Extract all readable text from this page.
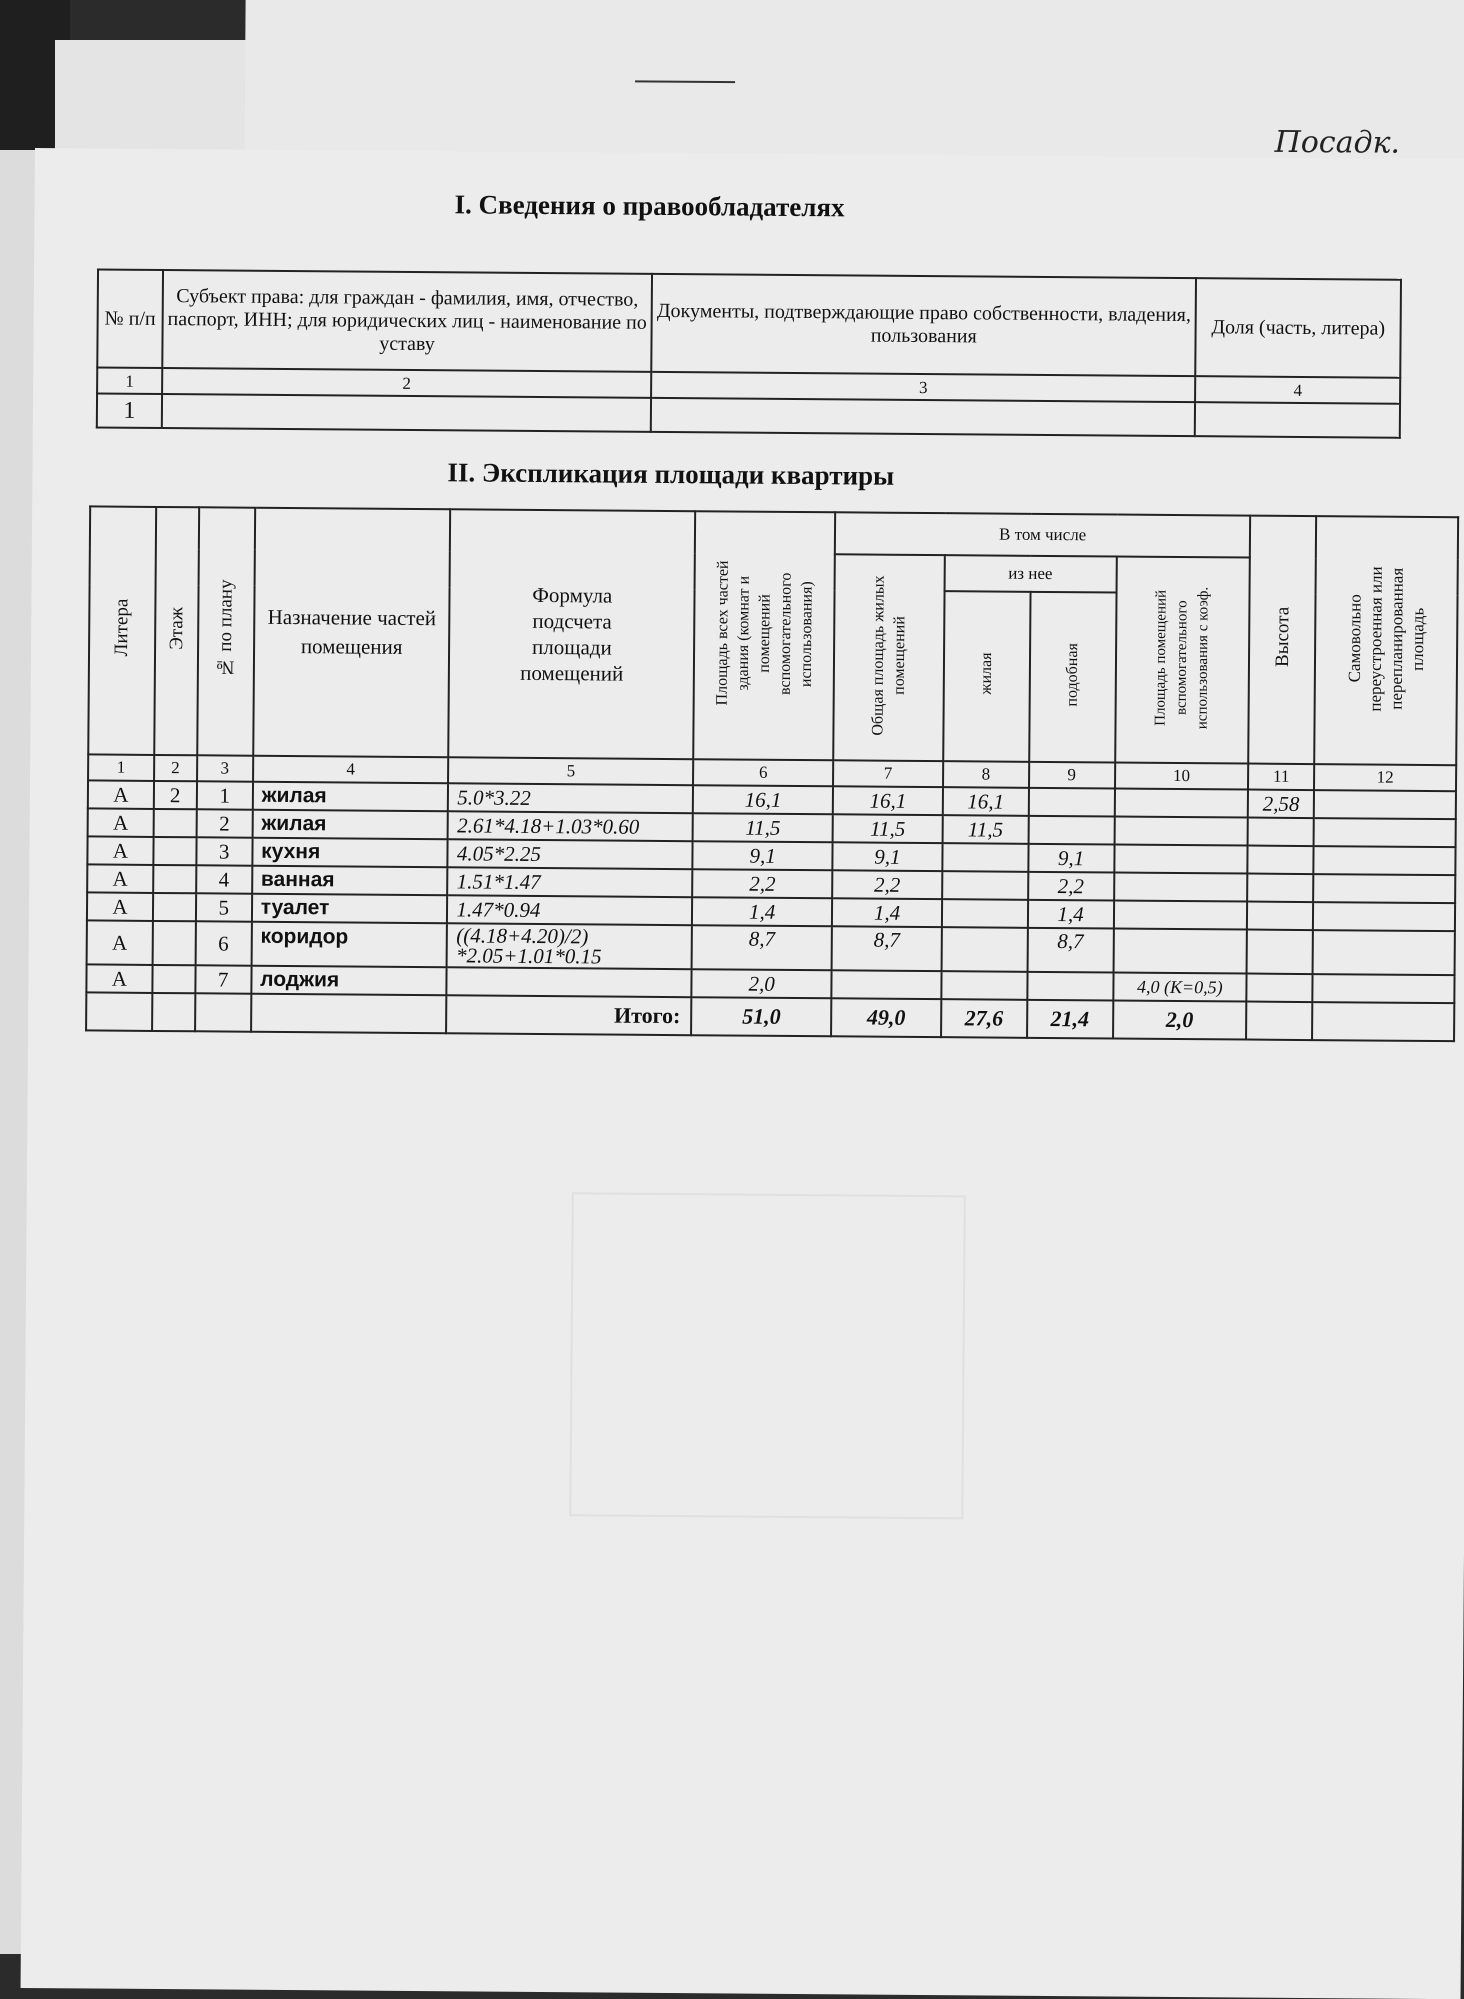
Посадк.
I. Сведения о правообладателях
№ п/п	Субъект права: для граждан - фамилия, имя, отчество, паспорт, ИНН; для юридических лиц - наименование по уставу	Документы, подтверждающие право собственности, владения, пользования	Доля (часть, литера)
1	2	3	4
1			
II. Экспликация площади квартиры
Литера	Этаж	№ по плану	Назначение частей помещения	Формула подсчета площади помещений	Площадь всех частей здания (комнат и помещений вспомогательного использования)	В том числе				Высота	Самовольно переустроенная или перепланированная площадь
						Общая площадь жилых помещений	из нее		Площадь помещений вспомогательного использования с коэф.		
							жилая	подобная			
1	2	3	4	5	6	7	8	9	10	11	12
А	2	1	жилая	5.0*3.22	16,1	16,1	16,1			2,58	
А		2	жилая	2.61*4.18+1.03*0.60	11,5	11,5	11,5				
А		3	кухня	4.05*2.25	9,1	9,1		9,1			
А		4	ванная	1.51*1.47	2,2	2,2		2,2			
А		5	туалет	1.47*0.94	1,4	1,4		1,4			
А		6	коридор	((4.18+4.20)/2) *2.05+1.01*0.15	8,7	8,7		8,7			
А		7	лоджия		2,0				4,0 (К=0,5)		
				Итого:	51,0	49,0	27,6	21,4	2,0		
